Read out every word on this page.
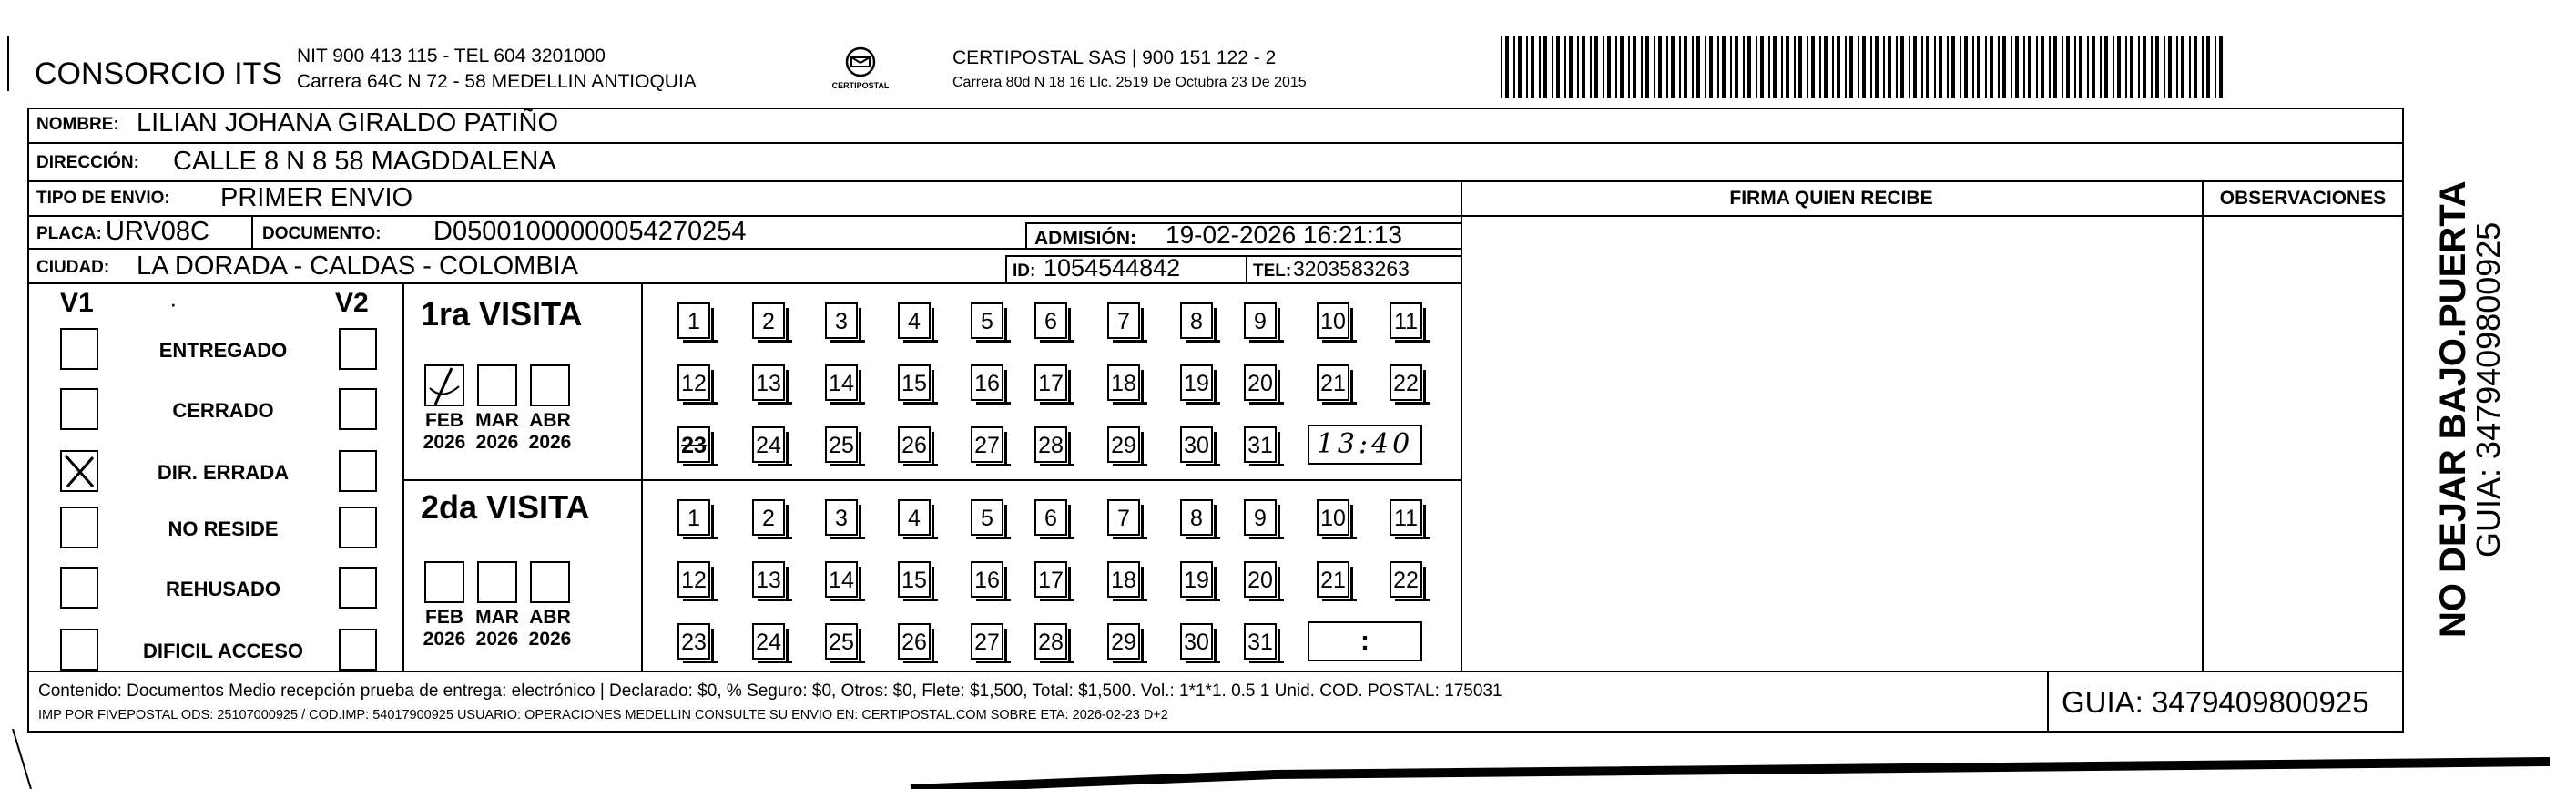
CONSORCIO ITS
NIT 900 413 115 - TEL 604 3201000
Carrera 64C N 72 - 58 MEDELLIN ANTIOQUIA	CERTIPOSTAL
CERTIPOSTAL SAS | 900 151 122 - 2
Carrera 80d N 18 16 Llc. 2519 De Octubra 23 De 2015
NOMBRE: LILIAN JOHANA GIRALDO PATIÑO
DIRECCIÓN: CALLE 8 N 8 58 MAGDDALENA
TIPO DE ENVIO: PRIMER ENVIO	FIRMA QUIEN RECIBE	OBSERVACIONES
PLACA: URV08C	DOCUMENTO: D05001000000054270254	ADMISIÓN: 19-02-2026 16:21:13
CIUDAD: LA DORADA - CALDAS - COLOMBIA	ID: 1054544842	TEL: 3203583263
V1	·	V2
ENTREGADO
CERRADO
DIR. ERRADA
NO RESIDE
REHUSADO
DIFICIL ACCESO
1ra VISITA
2da VISITA
FEB
2026
MAR
2026
ABR
2026
1	2	3	4	5	6	7	8	9	10 11
12 13 14 15 16 17 18 19 20 21 22
23 24 25 26 27 28 29 30 31	13:40
FEB
2026
MAR
2026
ABR
2026
1	2	3	4	5	6	7	8	9	10 11
12 13 14 15 16 17 18 19 20 21 22
23 24 25 26 27 28 29 30 31	:
Contenido: Documentos Medio recepción prueba de entrega: electrónico | Declarado: $0, % Seguro: $0, Otros: $0, Flete: $1,500, Total: $1,500. Vol.: 1*1*1. 0.5 1 Unid. COD. POSTAL: 175031
IMP POR FIVEPOSTAL ODS: 25107000925 / COD.IMP: 54017900925 USUARIO: OPERACIONES MEDELLIN CONSULTE SU ENVIO EN: CERTIPOSTAL.COM SOBRE ETA: 2026-02-23 D+2	GUIA: 3479409800925
NO DEJAR BAJO.PUERTA
GUIA: 3479409800925
